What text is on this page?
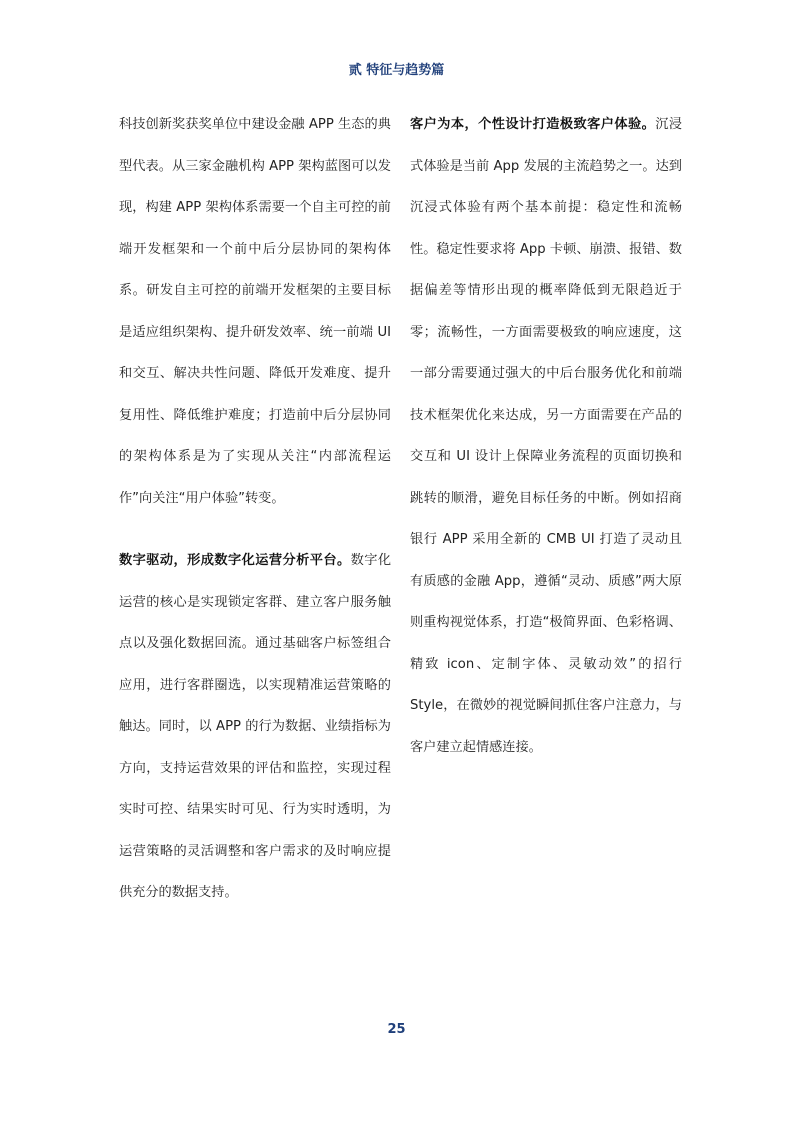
贰 特征与趋势篇

科技创新奖获奖单位中建设金融 APP 生态的典型代表。从三家金融机构 APP 架构蓝图可以发现，构建 APP 架构体系需要一个自主可控的前端开发框架和一个前中后分层协同的架构体系。研发自主可控的前端开发框架的主要目标是适应组织架构、提升研发效率、统一前端 UI 和交互、解决共性问题、降低开发难度、提升复用性、降低维护难度；打造前中后分层协同的架构体系是为了实现从关注“内部流程运作”向关注“用户体验”转变。

数字驱动，形成数字化运营分析平台。数字化运营的核心是实现锁定客群、建立客户服务触点以及强化数据回流。通过基础客户标签组合应用，进行客群圈选，以实现精准运营策略的触达。同时，以 APP 的行为数据、业绩指标为方向，支持运营效果的评估和监控，实现过程实时可控、结果实时可见、行为实时透明，为运营策略的灵活调整和客户需求的及时响应提供充分的数据支持。

客户为本，个性设计打造极致客户体验。沉浸式体验是当前 App 发展的主流趋势之一。达到沉浸式体验有两个基本前提：稳定性和流畅性。稳定性要求将 App 卡顿、崩溃、报错、数据偏差等情形出现的概率降低到无限趋近于零；流畅性，一方面需要极致的响应速度，这一部分需要通过强大的中后台服务优化和前端技术框架优化来达成，另一方面需要在产品的交互和 UI 设计上保障业务流程的页面切换和跳转的顺滑，避免目标任务的中断。例如招商银行 APP 采用全新的 CMB UI 打造了灵动且有质感的金融 App，遵循“灵动、质感”两大原则重构视觉体系，打造“极简界面、色彩格调、精致 icon、定制字体、灵敏动效”的招行 Style，在微妙的视觉瞬间抓住客户注意力，与客户建立起情感连接。

25
